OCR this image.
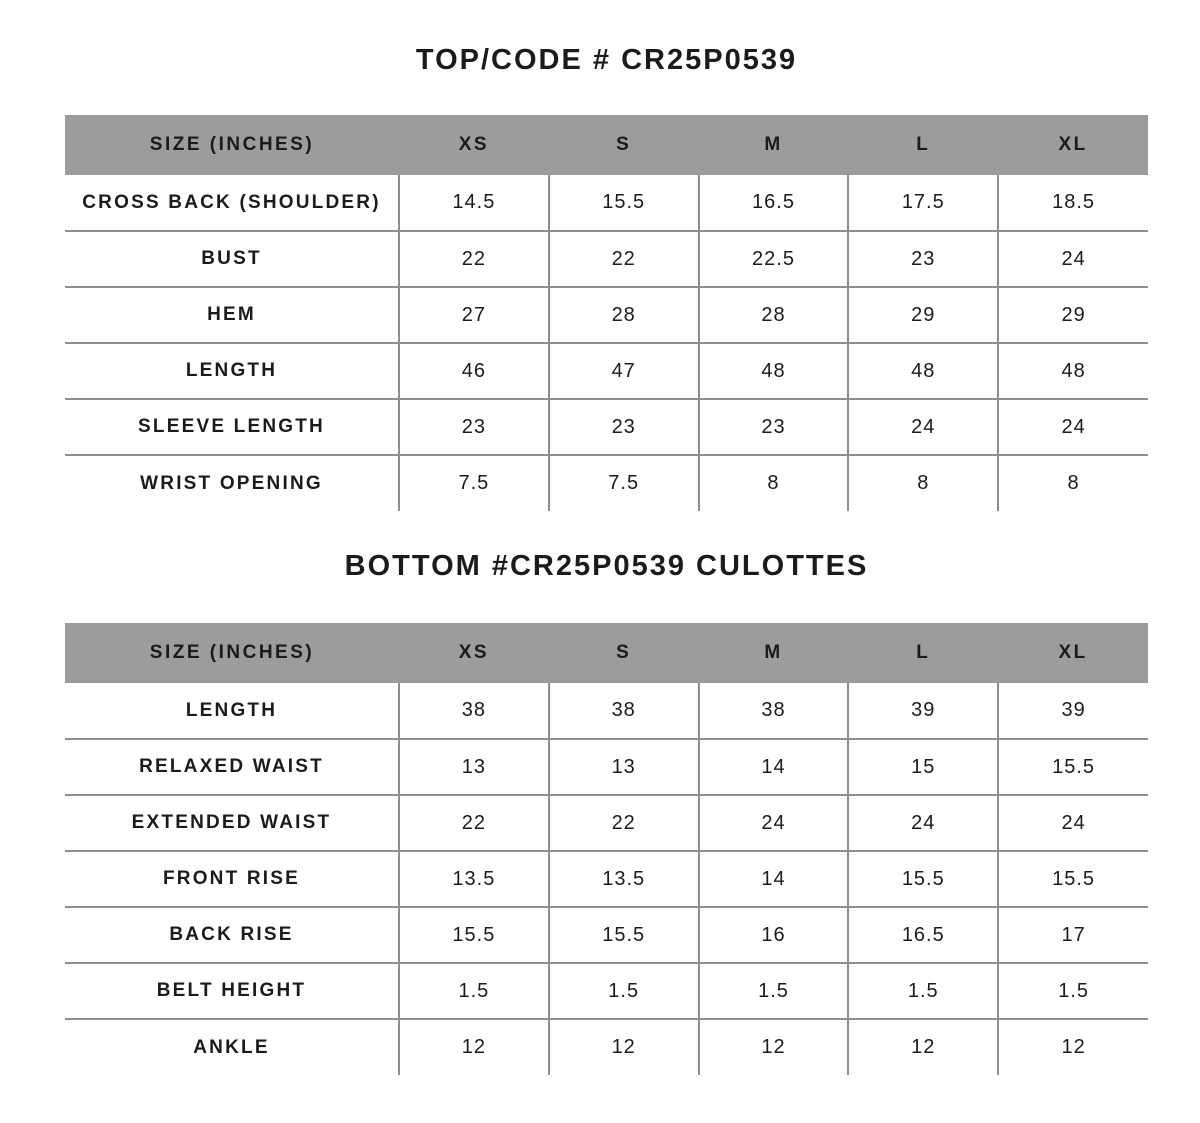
TOP/CODE # CR25P0539
SIZE (INCHES)	XS	S	M	L	XL
CROSS BACK (SHOULDER)	14.5	15.5	16.5	17.5	18.5
BUST	22	22	22.5	23	24
HEM	27	28	28	29	29
LENGTH	46	47	48	48	48
SLEEVE LENGTH	23	23	23	24	24
WRIST OPENING	7.5	7.5	8	8	8
BOTTOM #CR25P0539 CULOTTES
SIZE (INCHES)	XS	S	M	L	XL
LENGTH	38	38	38	39	39
RELAXED WAIST	13	13	14	15	15.5
EXTENDED WAIST	22	22	24	24	24
FRONT RISE	13.5	13.5	14	15.5	15.5
BACK RISE	15.5	15.5	16	16.5	17
BELT HEIGHT	1.5	1.5	1.5	1.5	1.5
ANKLE	12	12	12	12	12
